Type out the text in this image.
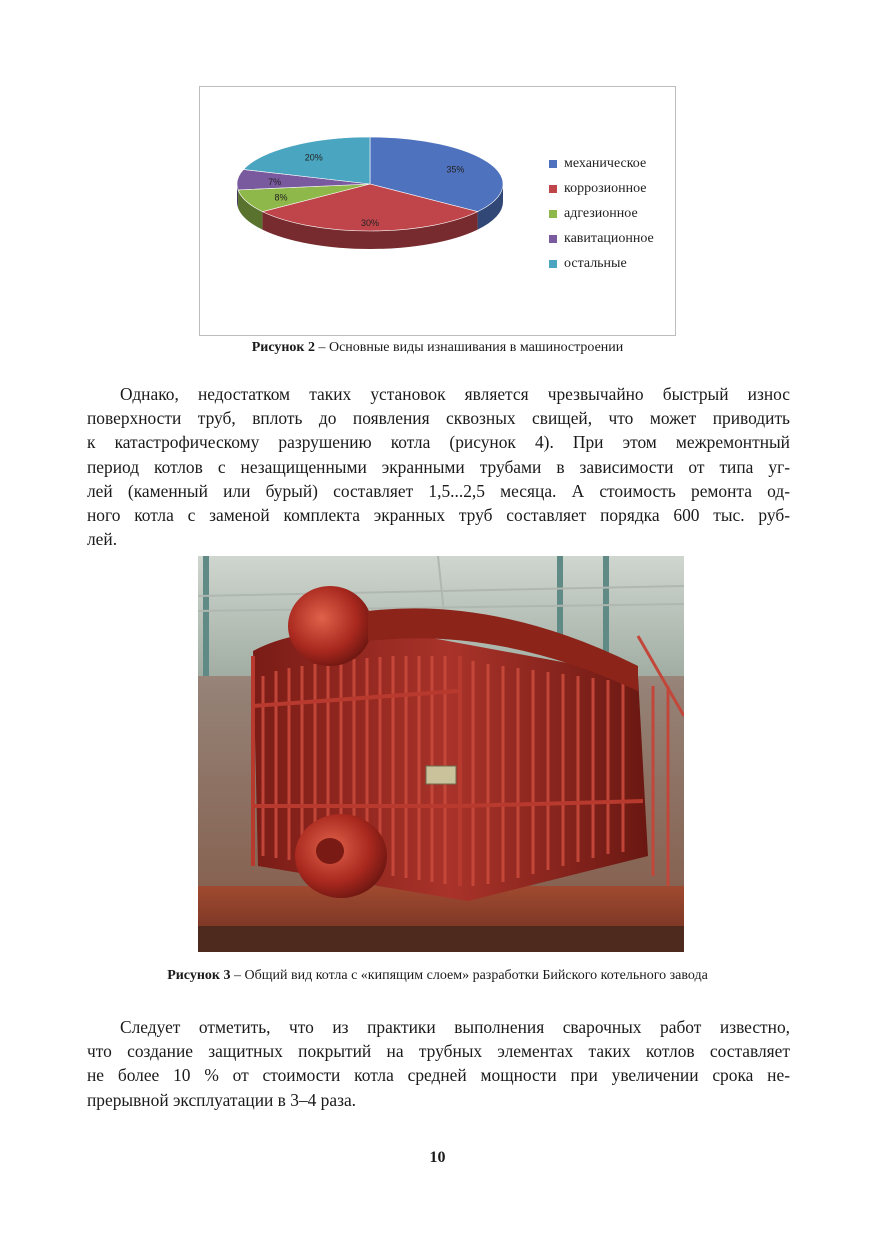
35%
30%
8%
7%
20%	механическое
коррозионное
адгезионное
кавитационное
остальные
Рисунок 2 – Основные виды изнашивания в машиностроении
Однако, недостатком таких установок является чрезвычайно быстрый износ
поверхности труб, вплоть до появления сквозных свищей, что может приводить
к катастрофическому разрушению котла (рисунок 4). При этом межремонтный
период котлов с незащищенными экранными трубами в зависимости от типа уг-
лей (каменный или бурый) составляет 1,5...2,5 месяца. А стоимость ремонта од-
ного котла с заменой комплекта экранных труб составляет порядка 600 тыс. руб-
лей.
Рисунок 3 – Общий вид котла с «кипящим слоем» разработки Бийского котельного завода
Следует отметить, что из практики выполнения сварочных работ известно,
что создание защитных покрытий на трубных элементах таких котлов составляет
не более 10 % от стоимости котла средней мощности при увеличении срока не-
прерывной эксплуатации в 3–4 раза.
10
